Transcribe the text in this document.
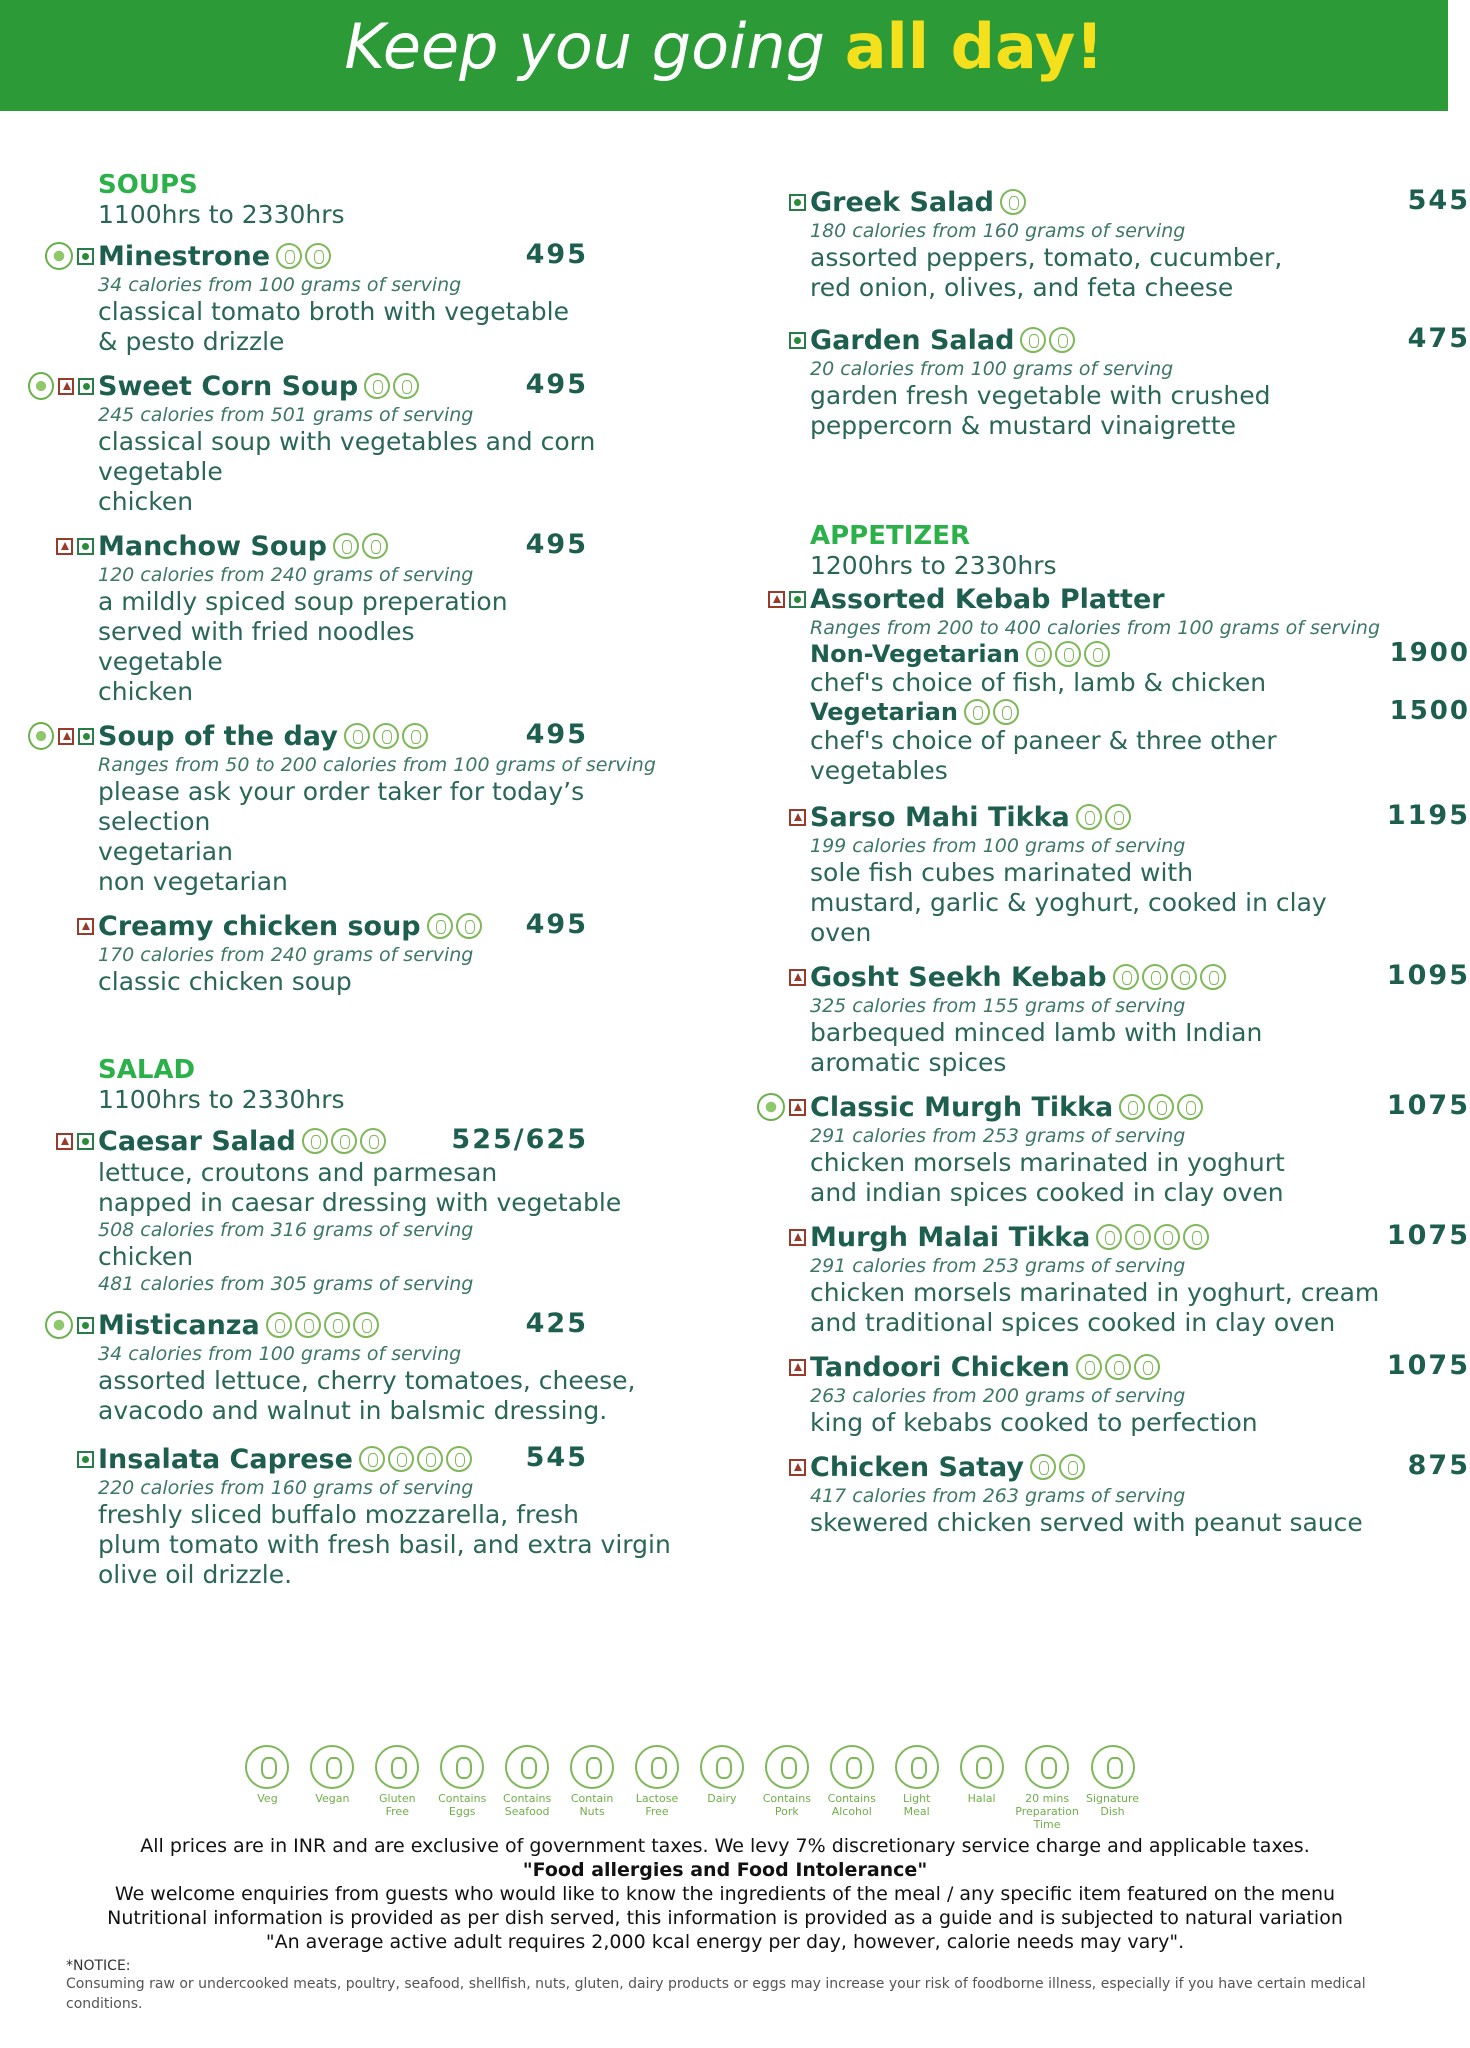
Keep you going all day!
SOUPS
1100hrs to 2330hrs
Minestrone	495
34 calories from 100 grams of serving
classical tomato broth with vegetable
& pesto drizzle
Sweet Corn Soup	495
245 calories from 501 grams of serving
classical soup with vegetables and corn
vegetable
chicken
Manchow Soup	495
120 calories from 240 grams of serving
a mildly spiced soup preperation
served with fried noodles
vegetable
chicken
Soup of the day	495
Ranges from 50 to 200 calories from 100 grams of serving
please ask your order taker for today’s selection
vegetarian
non vegetarian
Creamy chicken soup	495
170 calories from 240 grams of serving
classic chicken soup
SALAD
1100hrs to 2330hrs
Caesar Salad	525/625
lettuce, croutons and parmesan
napped in caesar dressing with vegetable
508 calories from 316 grams of serving
chicken
481 calories from 305 grams of serving
Misticanza	425
34 calories from 100 grams of serving
assorted lettuce, cherry tomatoes, cheese,
avacodo and walnut in balsmic dressing.
Insalata Caprese	545
220 calories from 160 grams of serving
freshly sliced buffalo mozzarella, fresh
plum tomato with fresh basil, and extra virgin
olive oil drizzle.
Greek Salad	545
180 calories from 160 grams of serving
assorted peppers, tomato, cucumber,
red onion, olives, and feta cheese
Garden Salad	475
20 calories from 100 grams of serving
garden fresh vegetable with crushed
peppercorn & mustard vinaigrette
APPETIZER
1200hrs to 2330hrs
Assorted Kebab Platter
Ranges from 200 to 400 calories from 100 grams of serving
Non-Vegetarian	1900
chef's choice of fish, lamb & chicken
Vegetarian	1500
chef's choice of paneer & three other vegetables
Sarso Mahi Tikka	1195
199 calories from 100 grams of serving
sole fish cubes marinated with
mustard, garlic & yoghurt, cooked in clay oven
Gosht Seekh Kebab	1095
325 calories from 155 grams of serving
barbequed minced lamb with Indian
aromatic spices
Classic Murgh Tikka	1075
291 calories from 253 grams of serving
chicken morsels marinated in yoghurt
and indian spices cooked in clay oven
Murgh Malai Tikka	1075
291 calories from 253 grams of serving
chicken morsels marinated in yoghurt, cream
and traditional spices cooked in clay oven
Tandoori Chicken	1075
263 calories from 200 grams of serving
king of kebabs cooked to perfection
Chicken Satay	875
417 calories from 263 grams of serving
skewered chicken served with peanut sauce
Veg	Vegan	Gluten Free
Contains Eggs
Contains Seafood
Contain Nuts
Lactose Free
Dairy	Contains Pork
Contains Alcohol
Light Meal
Halal	20 mins Preparation Time
Signature Dish
All prices are in INR and are exclusive of government taxes. We levy 7% discretionary service charge and applicable taxes.
"Food allergies and Food Intolerance"
We welcome enquiries from guests who would like to know the ingredients of the meal / any specific item featured on the menu
Nutritional information is provided as per dish served, this information is provided as a guide and is subjected to natural variation
"An average active adult requires 2,000 kcal energy per day, however, calorie needs may vary".
*NOTICE:
Consuming raw or undercooked meats, poultry, seafood, shellfish, nuts, gluten, dairy products or eggs may increase your risk of foodborne illness, especially if you have certain medical conditions.
